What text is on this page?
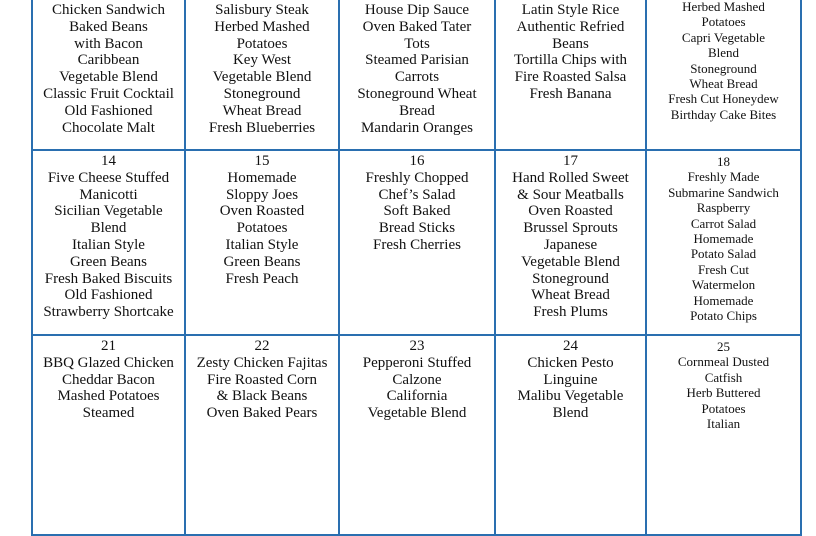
Chicken Sandwich
Baked Beans
with Bacon
Caribbean
Vegetable Blend
Classic Fruit Cocktail
Old Fashioned
Chocolate Malt
Salisbury Steak
Herbed Mashed
Potatoes
Key West
Vegetable Blend
Stoneground
Wheat Bread
Fresh Blueberries
House Dip Sauce
Oven Baked Tater
Tots
Steamed Parisian
Carrots
Stoneground Wheat
Bread
Mandarin Oranges
Latin Style Rice
Authentic Refried
Beans
Tortilla Chips with
Fire Roasted Salsa
Fresh Banana
Herbed Mashed
Potatoes
Capri Vegetable
Blend
Stoneground
Wheat Bread
Fresh Cut Honeydew
Birthday Cake Bites
14
Five Cheese Stuffed
Manicotti
Sicilian Vegetable
Blend
Italian Style
Green Beans
Fresh Baked Biscuits
Old Fashioned
Strawberry Shortcake
15
Homemade
Sloppy Joes
Oven Roasted
Potatoes
Italian Style
Green Beans
Fresh Peach
16
Freshly Chopped
Chef’s Salad
Soft Baked
Bread Sticks
Fresh Cherries
17
Hand Rolled Sweet
& Sour Meatballs
Oven Roasted
Brussel Sprouts
Japanese
Vegetable Blend
Stoneground
Wheat Bread
Fresh Plums
18
Freshly Made
Submarine Sandwich
Raspberry
Carrot Salad
Homemade
Potato Salad
Fresh Cut
Watermelon
Homemade
Potato Chips
21
BBQ Glazed Chicken
Cheddar Bacon
Mashed Potatoes
Steamed
22
Zesty Chicken Fajitas
Fire Roasted Corn
& Black Beans
Oven Baked Pears
23
Pepperoni Stuffed
Calzone
California
Vegetable Blend
24
Chicken Pesto
Linguine
Malibu Vegetable
Blend
25
Cornmeal Dusted
Catfish
Herb Buttered
Potatoes
Italian
